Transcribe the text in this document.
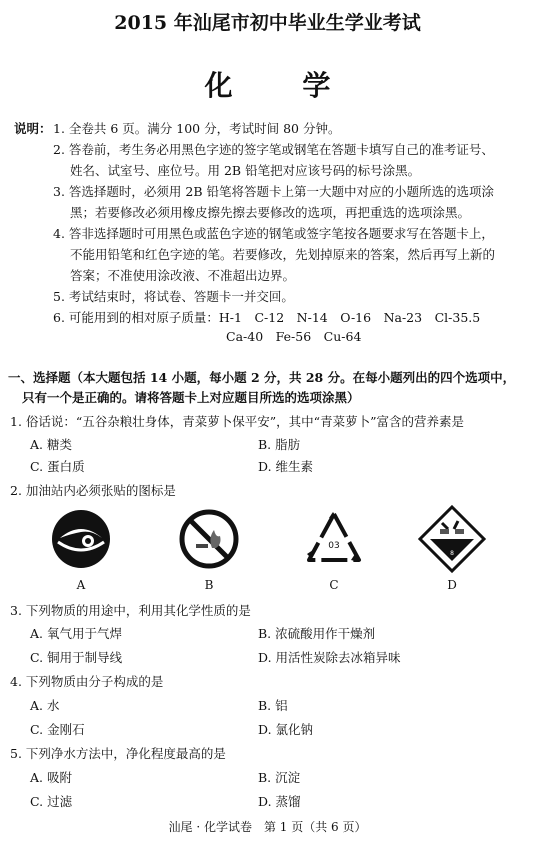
2015 年汕尾市初中毕业生学业考试
化 学
说明： 1. 全卷共 6 页。满分 100 分，考试时间 80 分钟。
2. 答卷前，考生务必用黑色字迹的签字笔或钢笔在答题卡填写自己的准考证号、
姓名、试室号、座位号。用 2B 铅笔把对应该号码的标号涂黑。
3. 答选择题时，必须用 2B 铅笔将答题卡上第一大题中对应的小题所选的选项涂
黑；若要修改必须用橡皮擦先擦去要修改的选项，再把重选的选项涂黑。
4. 答非选择题时可用黑色或蓝色字迹的钢笔或签字笔按各题要求写在答题卡上，
不能用铅笔和红色字迹的笔。若要修改，先划掉原来的答案，然后再写上新的
答案；不准使用涂改液、不准超出边界。
5. 考试结束时，将试卷、答题卡一并交回。
6. 可能用到的相对原子质量：H-1　C-12　N-14　O-16　Na-23　Cl-35.5
Ca-40　Fe-56　Cu-64
一、选择题（本大题包括 14 小题，每小题 2 分，共 28 分。在每小题列出的四个选项中，
只有一个是正确的。请将答题卡上对应题目所选的选项涂黑）
1. 俗话说：“五谷杂粮壮身体，青菜萝卜保平安”，其中“青菜萝卜”富含的营养素是
A. 糖类	B. 脂肪
C. 蛋白质	D. 维生素
2. 加油站内必须张贴的图标是
A	B
03
C
8
D
3. 下列物质的用途中，利用其化学性质的是
A. 氧气用于气焊	B. 浓硫酸用作干燥剂
C. 铜用于制导线	D. 用活性炭除去冰箱异味
4. 下列物质由分子构成的是
A. 水	B. 铝
C. 金刚石	D. 氯化钠
5. 下列净水方法中，净化程度最高的是
A. 吸附	B. 沉淀
C. 过滤	D. 蒸馏
汕尾 · 化学试卷　第 1 页（共 6 页）
